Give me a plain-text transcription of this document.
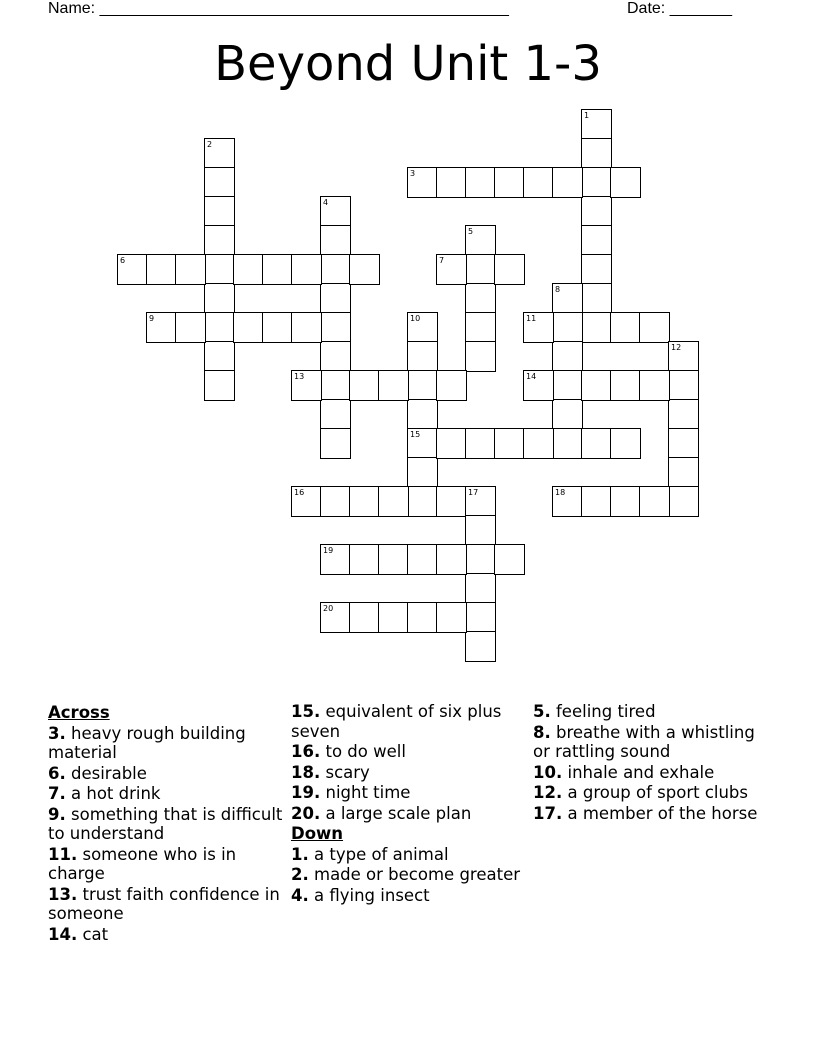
Name: ______________________________________________	Date: _______
Beyond Unit 1-3
1
2
3
4
5
6	7
8
9	10
15
11
12
13	14
16	17	18
19
20
Across
3. heavy rough building material
6. desirable
7. a hot drink
9. something that is difficult to understand
11. someone who is in charge
13. trust faith confidence in someone
14. cat
15. equivalent of six plus seven
16. to do well
18. scary
19. night time
20. a large scale plan
Down
1. a type of animal
2. made or become greater
4. a flying insect
5. feeling tired
8. breathe with a whistling or rattling sound
10. inhale and exhale
12. a group of sport clubs
17. a member of the horse
